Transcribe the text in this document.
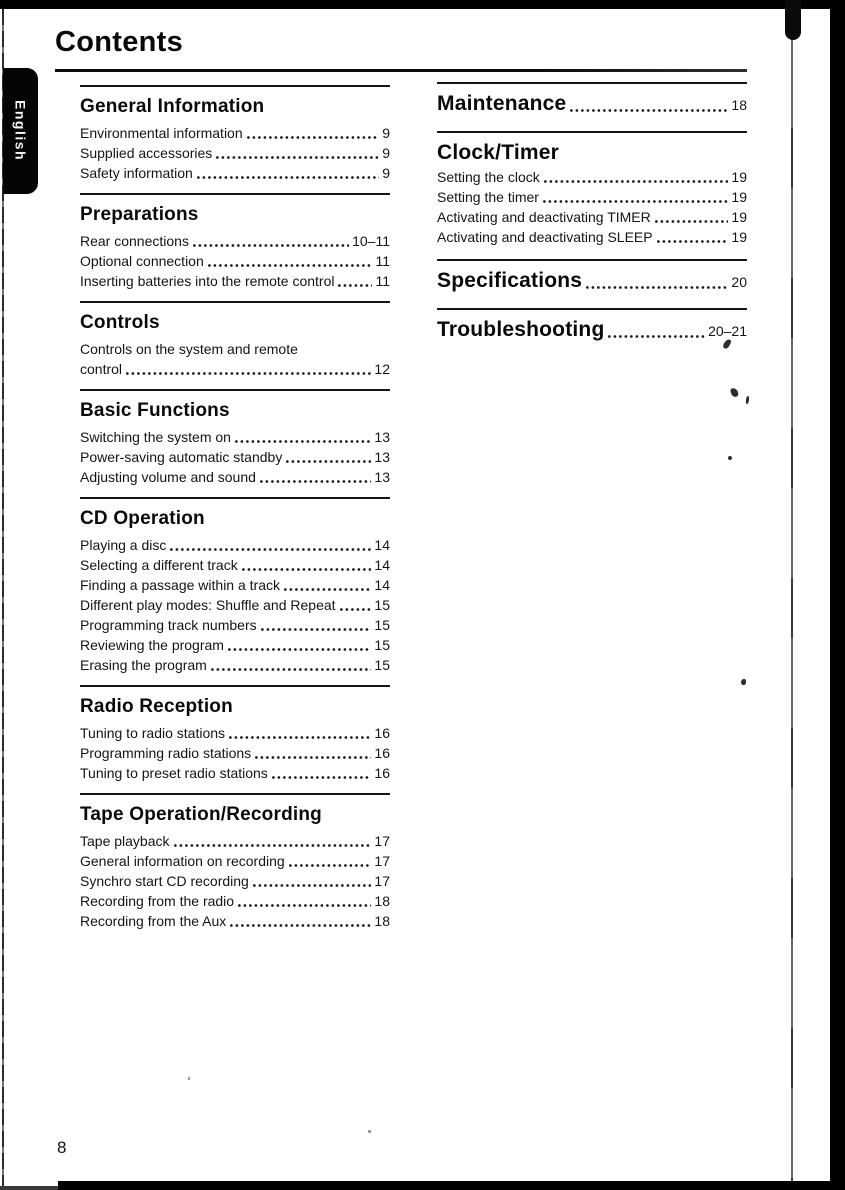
English
Contents
General Information
Environmental information	9
Supplied accessories	9
Safety information	9
Preparations
Rear connections	10–11
Optional connection	11
Inserting batteries into the remote control	11
Controls
Controls on the system and remote
control	12
Basic Functions
Switching the system on	13
Power-saving automatic standby	13
Adjusting volume and sound	13
CD Operation
Playing a disc	14
Selecting a different track	14
Finding a passage within a track	14
Different play modes: Shuffle and Repeat	15
Programming track numbers	15
Reviewing the program	15
Erasing the program	15
Radio Reception
Tuning to radio stations	16
Programming radio stations	16
Tuning to preset radio stations	16
Tape Operation/Recording
Tape playback	17
General information on recording	17
Synchro start CD recording	17
Recording from the radio	18
Recording from the Aux	18
Maintenance	18
Clock/Timer
Setting the clock	19
Setting the timer	19
Activating and deactivating TIMER	19
Activating and deactivating SLEEP	19
Specifications	20
Troubleshooting	20–21
8
